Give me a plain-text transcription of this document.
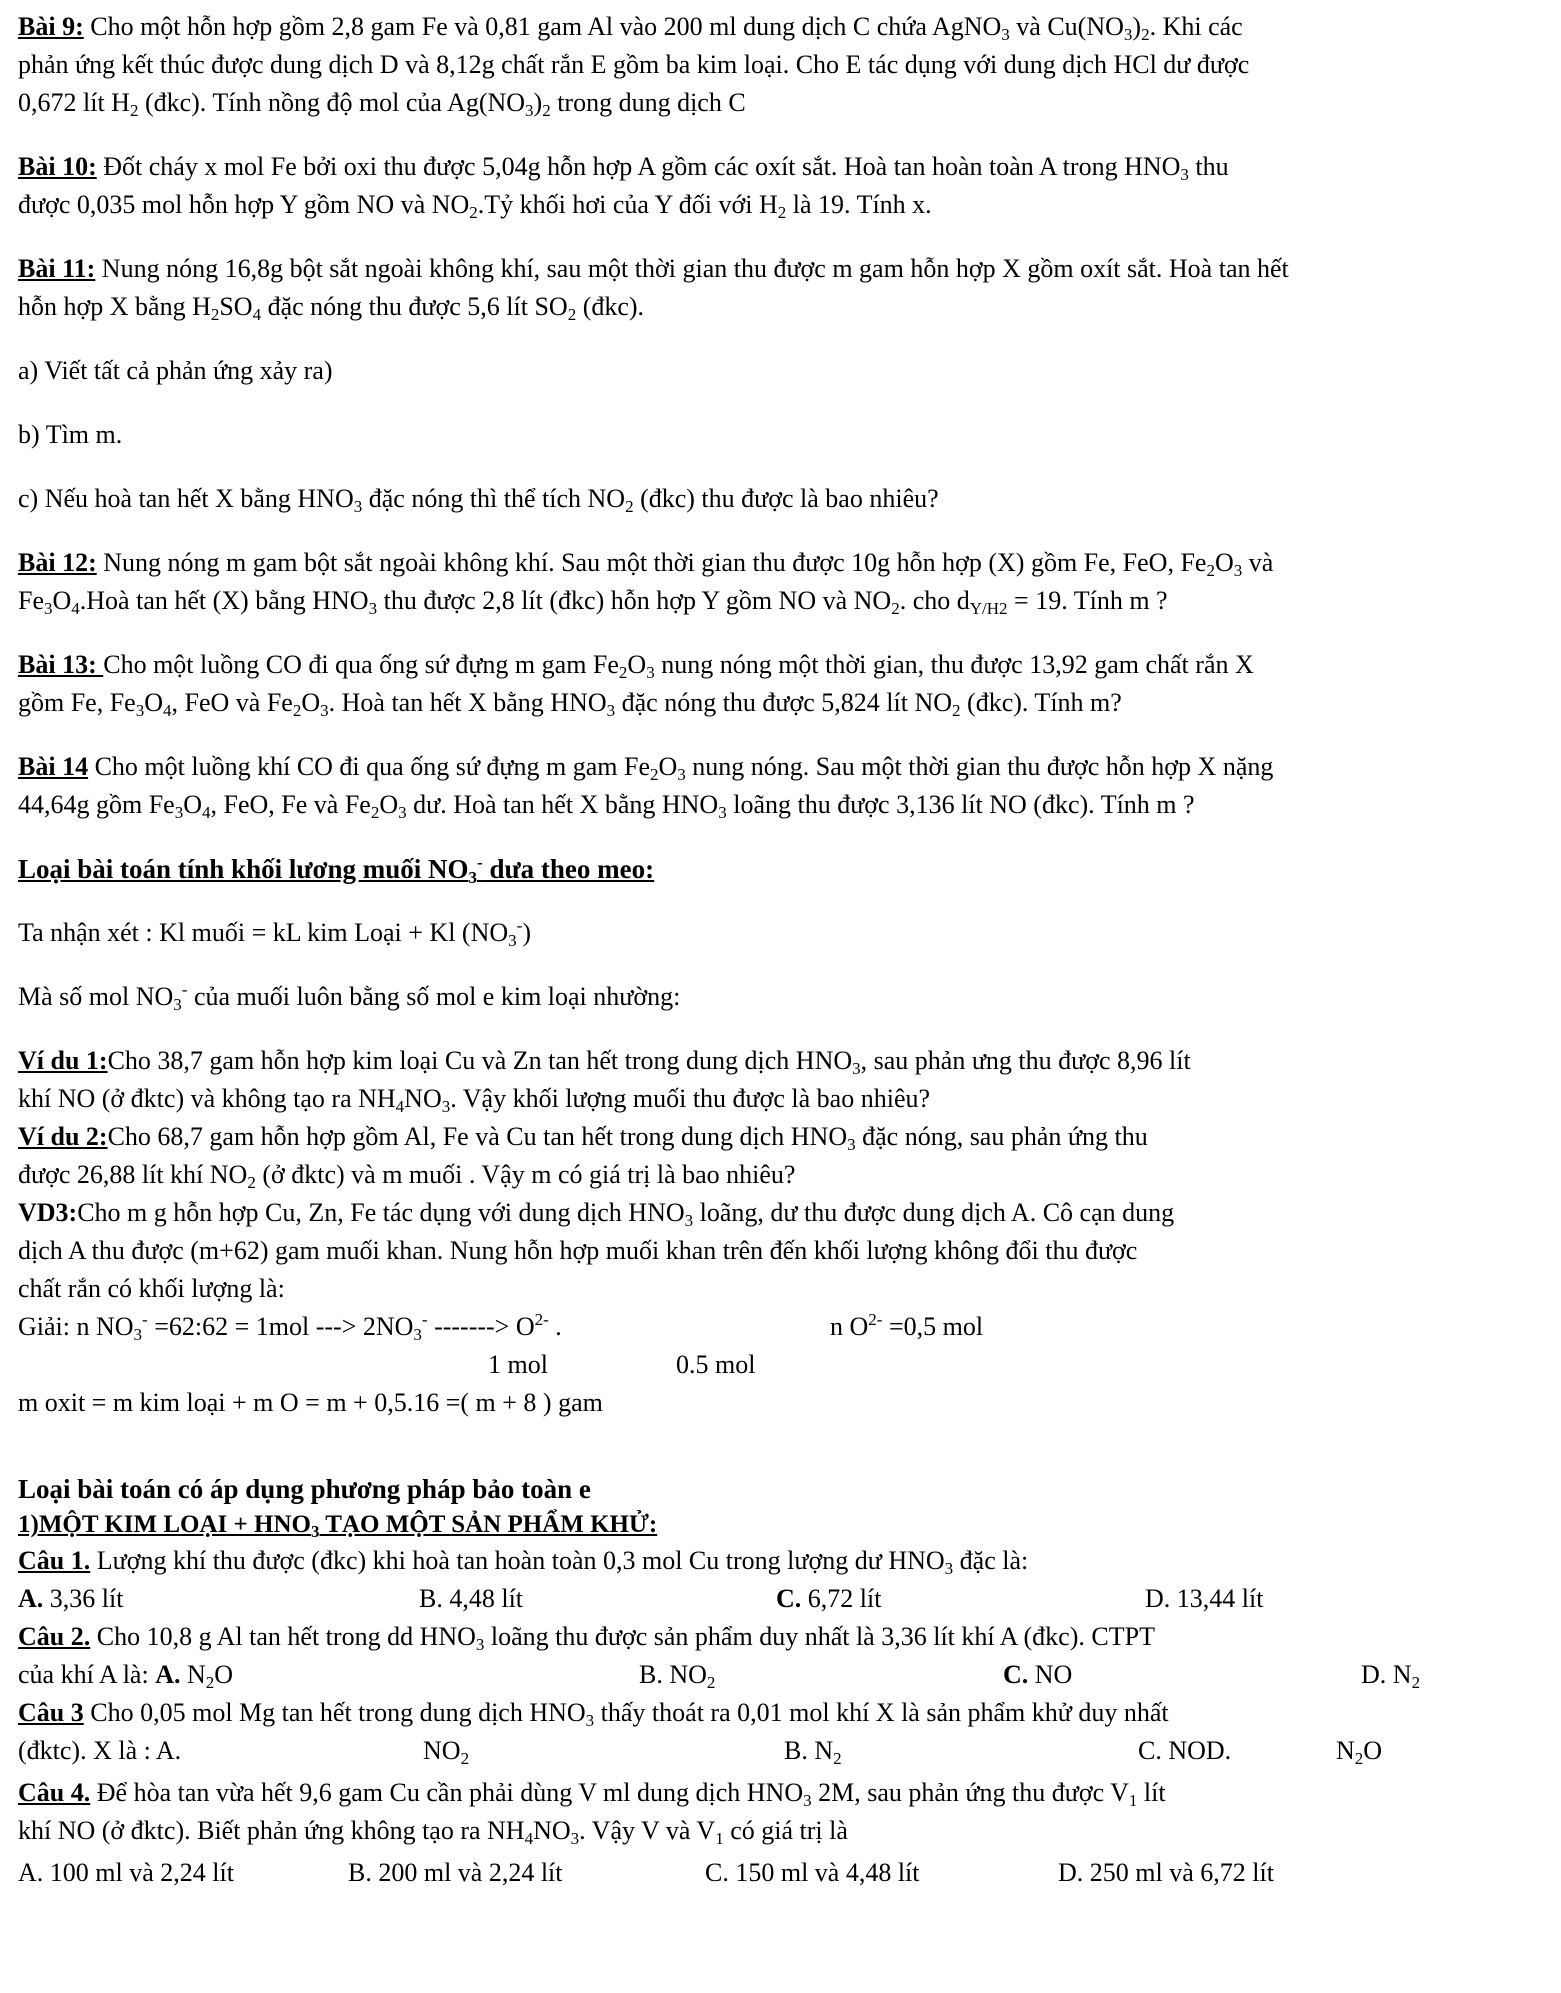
Bài 9: Cho một hỗn hợp gồm 2,8 gam Fe và 0,81 gam Al vào 200 ml dung dịch C chứa AgNO$_3$ và $Cu(NO_3)_2$. Khi các
phản ứng kết thúc được dung dịch D và 8,12g chất rắn E gồm ba kim loại. Cho E tác dụng với dung dịch HCl dư được
0,672 lít $H_2$ (đkc). Tính nồng độ mol của $Ag(NO_3)_2$ trong dung dịch C

Bài 10: Đốt cháy x mol Fe bởi oxi thu được 5,04g hỗn hợp A gồm các oxít sắt. Hoà tan hoàn toàn A trong $HNO_3$ thu
được 0,035 mol hỗn hợp Y gồm NO và $NO_2.Tỷ$ khối hơi của Y đối với $H_2$ là 19. Tính x.

Bài 11: Nung nóng 16,8g bột sắt ngoài không khí, sau một thời gian thu được m gam hỗn hợp X gồm oxít sắt. Hoà tan hết
hỗn hợp X bằng $H_2SO_4$ đặc nóng thu được 5,6 lít $SO_2$ (đkc).

a) Viết tất cả phản ứng xảy ra)

b) Tìm m.

c) Nếu hoà tan hết X bằng $HNO_3$ đặc nóng thì thể tích $NO_2$ (đkc) thu được là bao nhiêu?

Bài 12: Nung nóng m gam bột sắt ngoài không khí. Sau một thời gian thu được 10g hỗn hợp (X) gồm Fe, FeO, $Fe_2O_3$ và
$Fe_3O_4.Hoà$ tan hết (X) bằng $HNO_3$ thu được 2,8 lít (đkc) hỗn hợp Y gồm NO và $NO_2$. cho $d_{Y/H2} = 19$. Tính m ?

Bài 13: Cho một luồng CO đi qua ống sứ đựng m gam $Fe_2O_3$ nung nóng một thời gian, thu được 13,92 gam chất rắn X
gồm Fe, $Fe_3O_4$, FeO và $Fe_2O_3$. Hoà tan hết X bằng $HNO_3$ đặc nóng thu được 5,824 lít $NO_2$ (đkc). Tính m?

Bài 14 Cho một luồng khí CO đi qua ống sứ đựng m gam $Fe_2O_3$ nung nóng. Sau một thời gian thu được hỗn hợp X nặng
44,64g gồm $Fe_3O_4$, FeO, Fe và $Fe_2O_3$ dư. Hoà tan hết X bằng $HNO_3$ loãng thu được 3,136 lít NO (đkc). Tính m ?

Loại bài toán tính khối lương muối $NO_3^-$ dưa theo meo:

Ta nhận xét : Kl muối = kL kim Loại + Kl $(NO_3^-)$

Mà số mol $NO_3^-$ của muối luôn bằng số mol e kim loại nhường:

Ví du 1:Cho 38,7 gam hỗn hợp kim loại Cu và Zn tan hết trong dung dịch $HNO_3$, sau phản ưng thu được 8,96 lít
khí NO (ở đktc) và không tạo ra $NH_4NO_3$. Vậy khối lượng muối thu được là bao nhiêu?

Ví du 2:Cho 68,7 gam hỗn hợp gồm Al, Fe và Cu tan hết trong dung dịch $HNO_3$ đặc nóng, sau phản ứng thu
được 26,88 lít khí $NO_2$ (ở đktc) và m muối . Vậy m có giá trị là bao nhiêu?

VD3:Cho m g hỗn hợp Cu, Zn, Fe tác dụng với dung dịch $HNO_3$ loãng, dư thu được dung dịch A. Cô cạn dung
dịch A thu được (m+62) gam muối khan. Nung hỗn hợp muối khan trên đến khối lượng không đổi thu được
chất rắn có khối lượng là:

Giải: n $NO_3^-$ =62:62 = 1mol ---> $2NO_3^-$ -------> $O^{2-}$ .	n $O^{2-} =0,5$ mol
1 mol	0.5 mol

m oxit = m kim loại + m O = m + 0,5.16 =( m + 8 ) gam

Loại bài toán có áp dụng phương pháp bảo toàn e

1)MỘT KIM LOẠI + $HNO_3$ TẠO MỘT SẢN PHẨM KHỬ:

Câu 1. Lượng khí thu được (đkc) khi hoà tan hoàn toàn 0,3 mol Cu trong lượng dư $HNO_3$ đặc là:

A. 3,36 lít	B. 4,48 lít	C. 6,72 lít	D. 13,44 lít

Câu 2. Cho 10,8 g Al tan hết trong dd $HNO_3$ loãng thu được sản phẩm duy nhất là 3,36 lít khí A (đkc). CTPT

của khí A là: A. $N_2O$	B. $NO_2$	C. NO	D. $N_2$

Câu 3 Cho 0,05 mol Mg tan hết trong dung dịch $HNO_3$ thấy thoát ra 0,01 mol khí X là sản phẩm khử duy nhất

(đktc). X là : A.	$NO_2$	B. $N_2$	C. NOD.	$N_2O$

Câu 4. Để hòa tan vừa hết 9,6 gam Cu cần phải dùng V ml dung dịch $HNO_3$ 2M, sau phản ứng thu được $V_1$ lít
khí NO (ở đktc). Biết phản ứng không tạo ra $NH_4NO_3$. Vậy V và $V_1$ có giá trị là

A. 100 ml và 2,24 lít	B. 200 ml và 2,24 lít	C. 150 ml và 4,48 lít	D. 250 ml và 6,72 lít
